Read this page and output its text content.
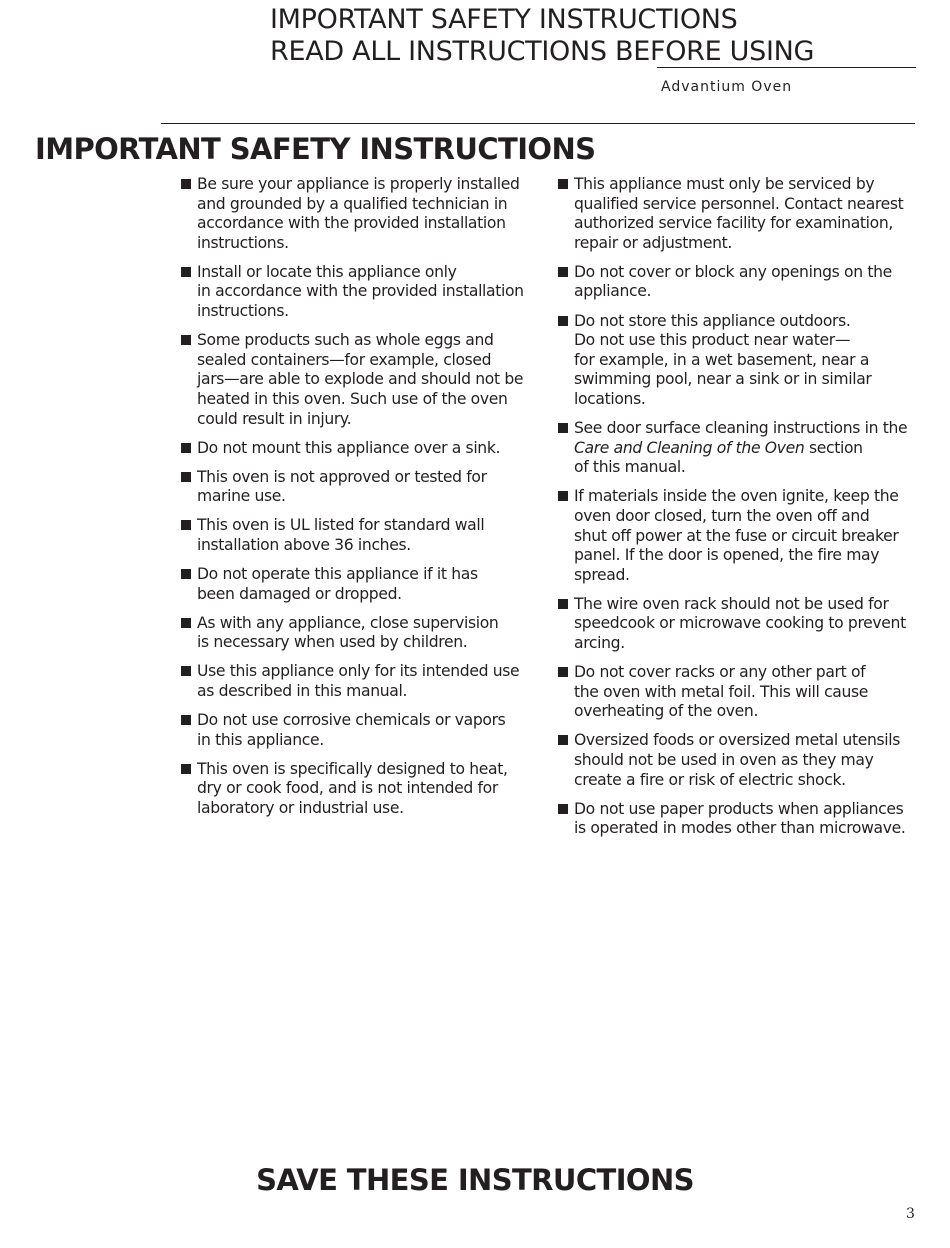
IMPORTANT SAFETY INSTRUCTIONS
READ ALL INSTRUCTIONS BEFORE USING
Advantium Oven
IMPORTANT SAFETY INSTRUCTIONS
Be sure your appliance is properly installed
and grounded by a qualified technician in
accordance with the provided installation
instructions.
Install or locate this appliance only
in accordance with the provided installation
instructions.
Some products such as whole eggs and
sealed containers—for example, closed
jars—are able to explode and should not be
heated in this oven. Such use of the oven
could result in injury.
Do not mount this appliance over a sink.
This oven is not approved or tested for
marine use.
This oven is UL listed for standard wall
installation above 36 inches.
Do not operate this appliance if it has
been damaged or dropped.
As with any appliance, close supervision
is necessary when used by children.
Use this appliance only for its intended use
as described in this manual.
Do not use corrosive chemicals or vapors
in this appliance.
This oven is specifically designed to heat,
dry or cook food, and is not intended for
laboratory or industrial use.
This appliance must only be serviced by
qualified service personnel. Contact nearest
authorized service facility for examination,
repair or adjustment.
Do not cover or block any openings on the
appliance.
Do not store this appliance outdoors.
Do not use this product near water—
for example, in a wet basement, near a
swimming pool, near a sink or in similar
locations.
See door surface cleaning instructions in the
Care and Cleaning of the Oven section
of this manual.
If materials inside the oven ignite, keep the
oven door closed, turn the oven off and
shut off power at the fuse or circuit breaker
panel. If the door is opened, the fire may
spread.
The wire oven rack should not be used for
speedcook or microwave cooking to prevent
arcing.
Do not cover racks or any other part of
the oven with metal foil. This will cause
overheating of the oven.
Oversized foods or oversized metal utensils
should not be used in oven as they may
create a fire or risk of electric shock.
Do not use paper products when appliances
is operated in modes other than microwave.
SAVE THESE INSTRUCTIONS
3
